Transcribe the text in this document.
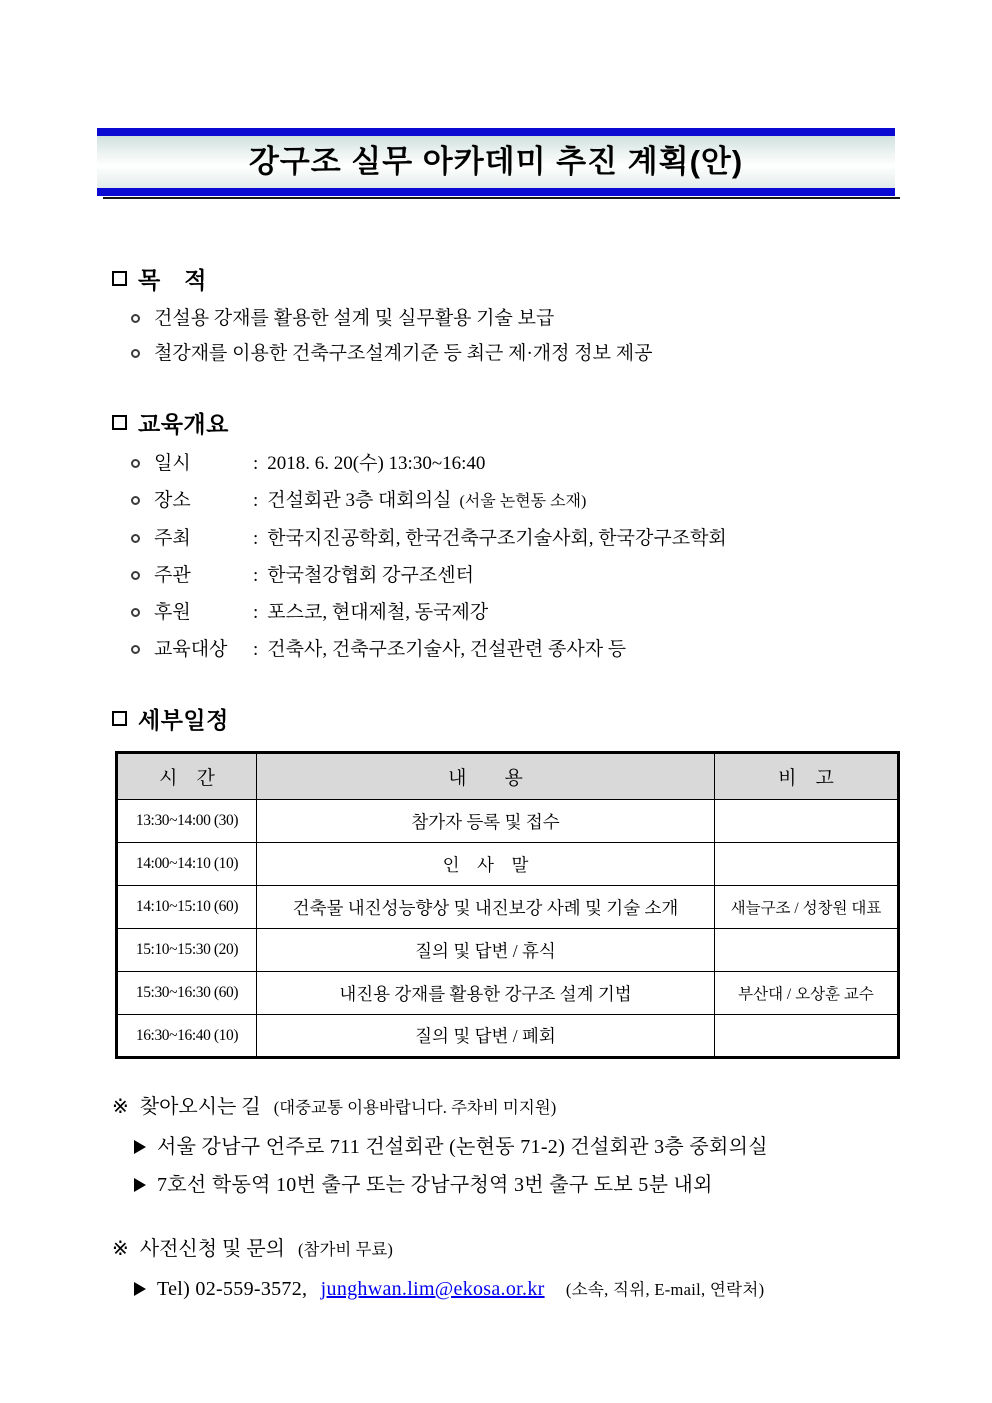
강구조 실무 아카데미 추진 계획(안)
목　적
건설용 강재를 활용한 설계 및 실무활용 기술 보급
철강재를 이용한 건축구조설계기준 등 최근 제·개정 정보 제공
교육개요
일시	: 2018. 6. 20(수) 13:30~16:40
장소	: 건설회관 3층 대회의실 (서울 논현동 소재)
주최	: 한국지진공학회, 한국건축구조기술사회, 한국강구조학회
주관	: 한국철강협회 강구조센터
후원	: 포스코, 현대제철, 동국제강
교육대상 : 건축사, 건축구조기술사, 건설관련 종사자 등
세부일정
시　간	내　　용	비　고
13:30~14:00 (30)	참가자 등록 및 접수	
14:00~14:10 (10)	인　사　말	
14:10~15:10 (60)	건축물 내진성능향상 및 내진보강 사례 및 기술 소개	새늘구조 / 성창원 대표
15:10~15:30 (20)	질의 및 답변 / 휴식	
15:30~16:30 (60)	내진용 강재를 활용한 강구조 설계 기법	부산대 / 오상훈 교수
16:30~16:40 (10)	질의 및 답변 / 폐회	
※ 찾아오시는 길 (대중교통 이용바랍니다. 주차비 미지원)
서울 강남구 언주로 711 건설회관 (논현동 71-2) 건설회관 3층 중회의실
7호선 학동역 10번 출구 또는 강남구청역 3번 출구 도보 5분 내외
※ 사전신청 및 문의 (참가비 무료)
Tel) 02-559-3572, junghwan.lim@ekosa.or.kr (소속, 직위, E-mail, 연락처)
